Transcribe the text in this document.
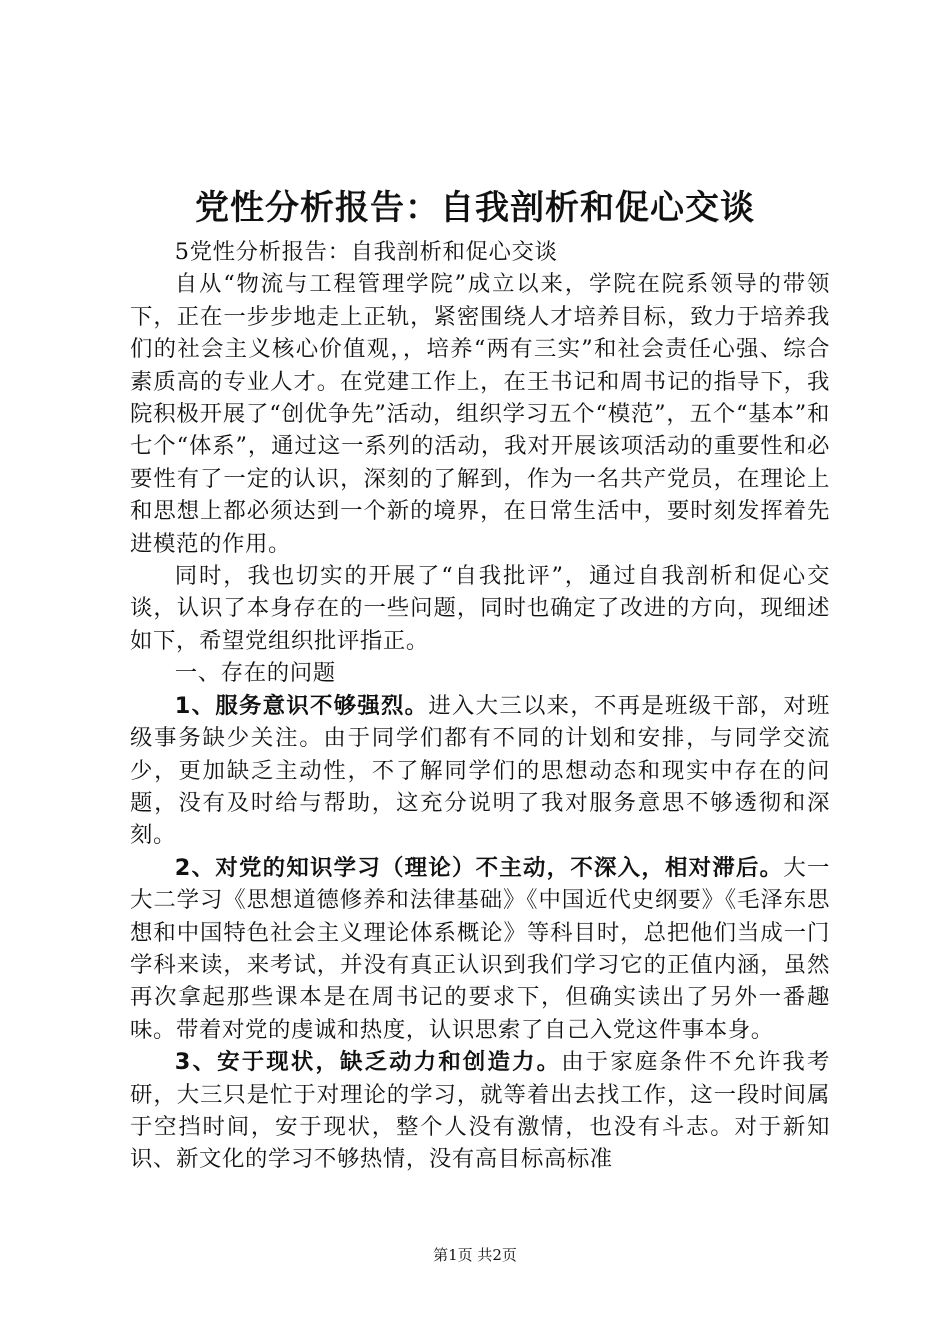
党性分析报告：自我剖析和促心交谈

5党性分析报告：自我剖析和促心交谈

自从“物流与工程管理学院”成立以来，学院在院系领导的带领下，正在一步步地走上正轨，紧密围绕人才培养目标，致力于培养我们的社会主义核心价值观，，培养“两有三实”和社会责任心强、综合素质高的专业人才。在党建工作上，在王书记和周书记的指导下，我院积极开展了“创优争先”活动，组织学习五个“模范”，五个“基本”和七个“体系”，通过这一系列的活动，我对开展该项活动的重要性和必要性有了一定的认识，深刻的了解到，作为一名共产党员，在理论上和思想上都必须达到一个新的境界，在日常生活中，要时刻发挥着先进模范的作用。

同时，我也切实的开展了“自我批评”，通过自我剖析和促心交谈，认识了本身存在的一些问题，同时也确定了改进的方向，现细述如下，希望党组织批评指正。

一、存在的问题

1、服务意识不够强烈。进入大三以来，不再是班级干部，对班级事务缺少关注。由于同学们都有不同的计划和安排，与同学交流少，更加缺乏主动性，不了解同学们的思想动态和现实中存在的问题，没有及时给与帮助，这充分说明了我对服务意思不够透彻和深刻。

2、对党的知识学习（理论）不主动，不深入，相对滞后。大一大二学习《思想道德修养和法律基础》《中国近代史纲要》《毛泽东思想和中国特色社会主义理论体系概论》等科目时，总把他们当成一门学科来读，来考试，并没有真正认识到我们学习它的正值内涵，虽然再次拿起那些课本是在周书记的要求下，但确实读出了另外一番趣味。带着对党的虔诚和热度，认识思索了自己入党这件事本身。

3、安于现状，缺乏动力和创造力。由于家庭条件不允许我考研，大三只是忙于对理论的学习，就等着出去找工作，这一段时间属于空挡时间，安于现状，整个人没有激情，也没有斗志。对于新知识、新文化的学习不够热情，没有高目标高标准

第1页 共2页
